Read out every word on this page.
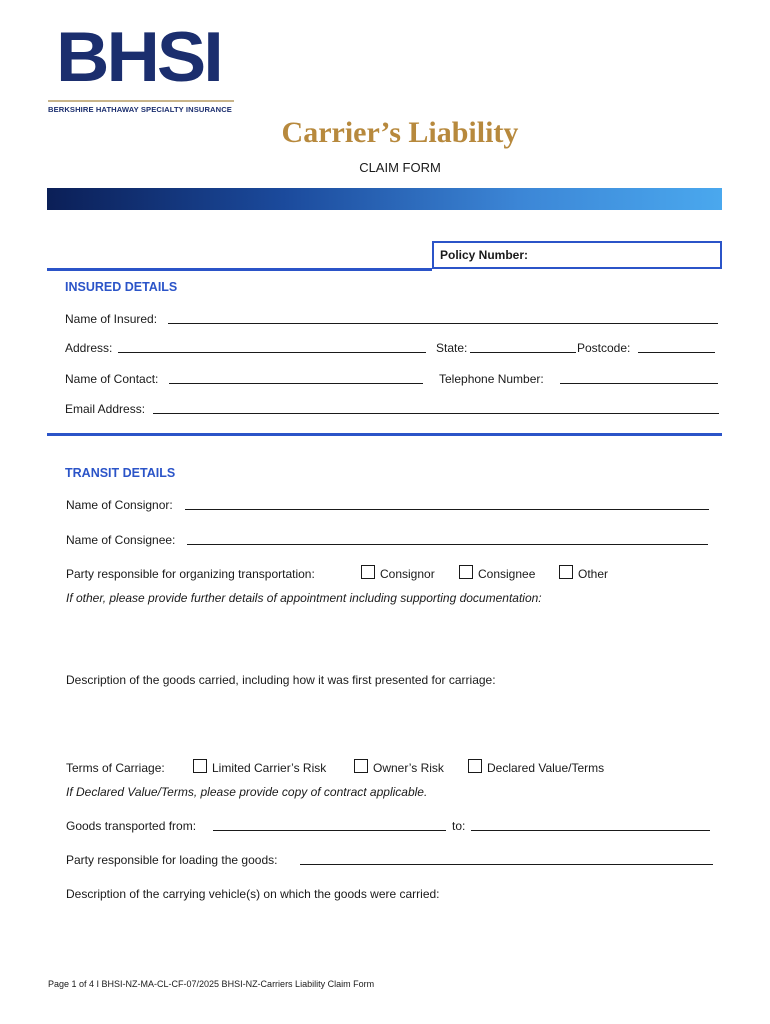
BHSI
BERKSHIRE HATHAWAY SPECIALTY INSURANCE
Carrier’s Liability
CLAIM FORM
Policy Number:
INSURED DETAILS
Name of Insured:
Address:	State:	Postcode:
Name of Contact:	Telephone Number:
Email Address:
TRANSIT DETAILS
Name of Consignor:
Name of Consignee:
Party responsible for organizing transportation:	Consignor	Consignee	Other
If other, please provide further details of appointment including supporting documentation:
Description of the goods carried, including how it was first presented for carriage:
Terms of Carriage:	Limited Carrier’s Risk	Owner’s Risk	Declared Value/Terms
If Declared Value/Terms, please provide copy of contract applicable.
Goods transported from:	to:
Party responsible for loading the goods:
Description of the carrying vehicle(s) on which the goods were carried:
Page 1 of 4 I BHSI-NZ-MA-CL-CF-07/2025 BHSI-NZ-Carriers Liability Claim Form
